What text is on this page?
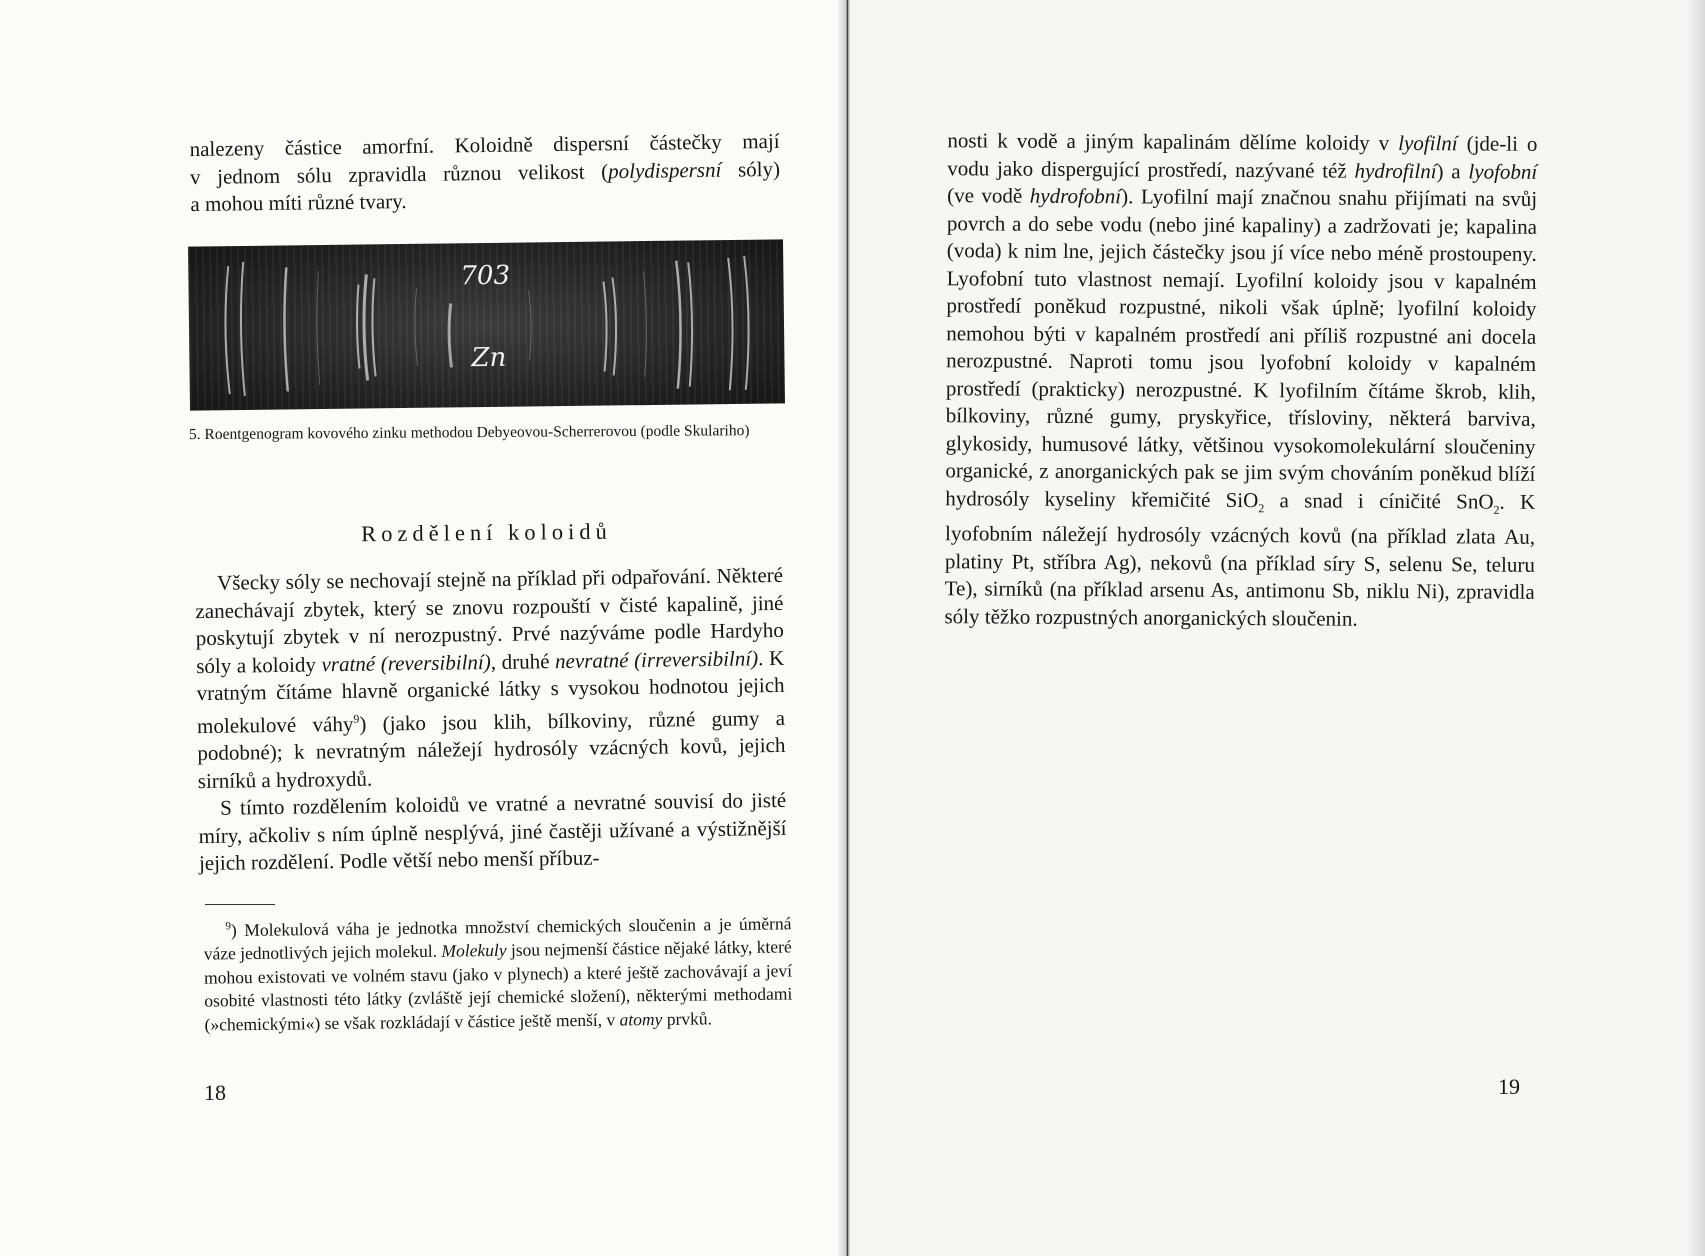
nalezeny částice amorfní. Koloidně dispersní částečky mají
v jednom sólu zpravidla různou velikost (polydispersní sóly)
a mohou míti různé tvary.
703
Zn
5. Roentgenogram kovového zinku methodou Debyeovou-Scherrerovou (podle Skulariho)
Rozdělení koloidů

Všecky sóly se nechovají stejně na příklad při odpařování. Některé zanechávají zbytek, který se znovu rozpouští v čisté kapalině, jiné poskytují zbytek v ní nerozpustný. Prvé nazýváme podle Hardyho sóly a koloidy vratné (reversibilní), druhé nevratné (irreversibilní). K vratným čítáme hlavně organické látky s vysokou hodnotou jejich molekulové váhy$^9$) (jako jsou klih, bílkoviny, různé gumy a podobné); k nevratným náležejí hydrosóly vzácných kovů, jejich sirníků a hydroxydů.

S tímto rozdělením koloidů ve vratné a nevratné souvisí do jisté míry, ačkoliv s ním úplně nesplývá, jiné častěji užívané a výstižnější jejich rozdělení. Podle větší nebo menší příbuz-

$^9$) Molekulová váha je jednotka množství chemických sloučenin a je úměrná váze jednotlivých jejich molekul. Molekuly jsou nejmenší částice nějaké látky, které mohou existovati ve volném stavu (jako v plynech) a které ještě zachovávají a jeví osobité vlastnosti této látky (zvláště její chemické složení), některými methodami (»chemickými«) se však rozkládají v částice ještě menší, v atomy prvků.

18

nosti k vodě a jiným kapalinám dělíme koloidy v lyofilní (jde-li o vodu jako dispergující prostředí, nazývané též hydrofilní) a lyofobní (ve vodě hydrofobní). Lyofilní mají značnou snahu přijímati na svůj povrch a do sebe vodu (nebo jiné kapaliny) a zadržovati je; kapalina (voda) k nim lne, jejich částečky jsou jí více nebo méně prostoupeny. Lyofobní tuto vlastnost nemají. Lyofilní koloidy jsou v kapalném prostředí poněkud rozpustné, nikoli však úplně; lyofilní koloidy nemohou býti v kapalném prostředí ani příliš rozpustné ani docela nerozpustné. Naproti tomu jsou lyofobní koloidy v kapalném prostředí (prakticky) nerozpustné. K lyofilním čítáme škrob, klih, bílkoviny, různé gumy, pryskyřice, třísloviny, některá barviva, glykosidy, humusové látky, většinou vysokomolekulární sloučeniny organické, z anorganických pak se jim svým chováním poněkud blíží hydrosóly kyseliny křemičité SiO$_2$ a snad i cíničité SnO$_2$. K lyofobním náležejí hydrosóly vzácných kovů (na příklad zlata Au, platiny Pt, stříbra Ag), nekovů (na příklad síry S, selenu Se, teluru Te), sirníků (na příklad arsenu As, antimonu Sb, niklu Ni), zpravidla sóly těžko rozpustných anorganických sloučenin.

19
